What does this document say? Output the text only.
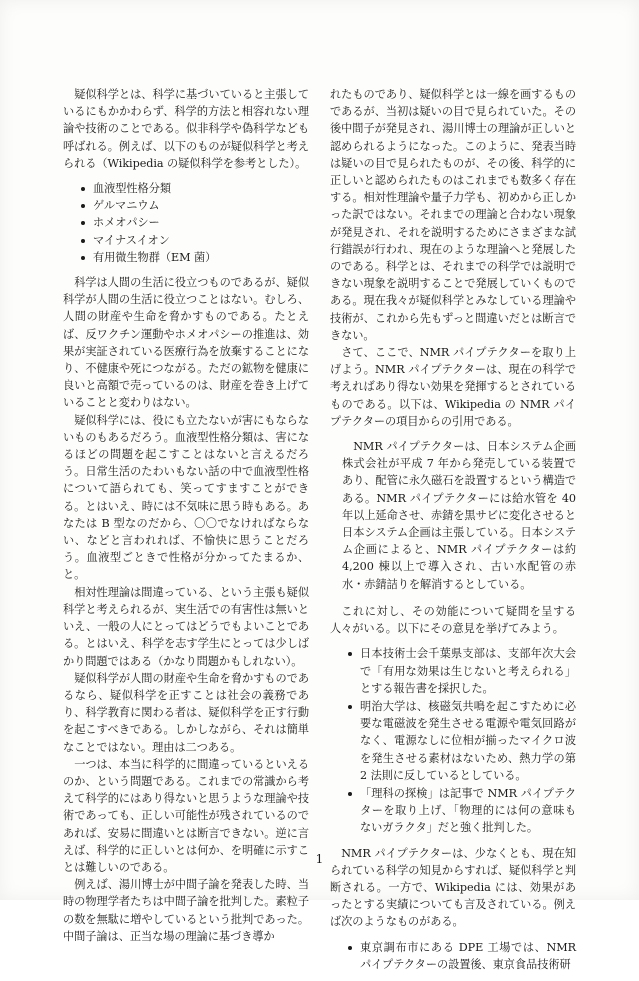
疑似科学とは、科学に基づいていると主張しているにもかかわらず、科学的方法と相容れない理論や技術のことである。似非科学や偽科学なども呼ばれる。例えば、以下のものが疑似科学と考えられる（Wikipedia の疑似科学を参考とした）。

血液型性格分類
ゲルマニウム
ホメオパシー
マイナスイオン
有用微生物群（EM 菌）

科学は人間の生活に役立つものであるが、疑似科学が人間の生活に役立つことはない。むしろ、人間の財産や生命を脅かすものである。たとえば、反ワクチン運動やホメオパシーの推進は、効果が実証されている医療行為を放棄することになり、不健康や死につながる。ただの鉱物を健康に良いと高額で売っているのは、財産を巻き上げていることと変わりはない。

疑似科学には、役にも立たないが害にもならないものもあるだろう。血液型性格分類は、害になるほどの問題を起こすことはないと言えるだろう。日常生活のたわいもない話の中で血液型性格について語られても、笑ってすますことができる。とはいえ、時には不気味に思う時もある。あなたは B 型なのだから、〇〇でなければならない、などと言われれば、不愉快に思うことだろう。血液型ごときで性格が分かってたまるか、と。

相対性理論は間違っている、という主張も疑似科学と考えられるが、実生活での有害性は無いといえ、一般の人にとってはどうでもよいことである。とはいえ、科学を志す学生にとっては少しばかり問題ではある（かなり問題かもしれない）。

疑似科学が人間の財産や生命を脅かすものであるなら、疑似科学を正すことは社会の義務であり、科学教育に関わる者は、疑似科学を正す行動を起こすべきである。しかしながら、それは簡単なことではない。理由は二つある。

一つは、本当に科学的に間違っているといえるのか、という問題である。これまでの常識から考えて科学的にはあり得ないと思うような理論や技術であっても、正しい可能性が残されているのであれば、安易に間違いとは断言できない。逆に言えば、科学的に正しいとは何か、を明確に示すことは難しいのである。

例えば、湯川博士が中間子論を発表した時、当時の物理学者たちは中間子論を批判した。素粒子の数を無駄に増やしているという批判であった。中間子論は、正当な場の理論に基づき導か

れたものであり、疑似科学とは一線を画するものであるが、当初は疑いの目で見られていた。その後中間子が発見され、湯川博士の理論が正しいと認められるようになった。このように、発表当時は疑いの目で見られたものが、その後、科学的に正しいと認められたものはこれまでも数多く存在する。相対性理論や量子力学も、初めから正しかった訳ではない。それまでの理論と合わない現象が発見され、それを説明するためにさまざまな試行錯誤が行われ、現在のような理論へと発展したのである。科学とは、それまでの科学では説明できない現象を説明することで発展していくものである。現在我々が疑似科学とみなしている理論や技術が、これから先もずっと間違いだとは断言できない。

さて、ここで、NMR パイプテクターを取り上げよう。NMR パイプテクターは、現在の科学で考えればあり得ない効果を発揮するとされているものである。以下は、Wikipedia の NMR パイプテクターの項目からの引用である。

NMR パイプテクターは、日本システム企画株式会社が平成 7 年から発売している装置であり、配管に永久磁石を設置するという構造である。NMR パイプテクターには給水管を 40 年以上延命させ、赤錆を黒サビに変化させると日本システム企画は主張している。日本システム企画によると、NMR パイプテクターは約 4,200 棟以上で導入され、古い水配管の赤水・赤錆詰りを解消するとしている。

これに対し、その効能について疑問を呈する人々がいる。以下にその意見を挙げてみよう。

日本技術士会千葉県支部は、支部年次大会で「有用な効果は生じないと考えられる」とする報告書を採択した。
明治大学は、核磁気共鳴を起こすために必要な電磁波を発生させる電源や電気回路がなく、電源なしに位相が揃ったマイクロ波を発生させる素材はないため、熱力学の第 2 法則に反しているとしている。
「理科の探検」は記事で NMR パイプテクターを取り上げ、「物理的には何の意味もないガラクタ」だと強く批判した。

NMR パイプテクターは、少なくとも、現在知られている科学の知見からすれば、疑似科学と判断される。一方で、Wikipedia には、効果があったとする実績についても言及されている。例えば次のようなものがある。

東京調布市にある DPE 工場では、NMR パイプテクターの設置後、東京食品技術研
1
